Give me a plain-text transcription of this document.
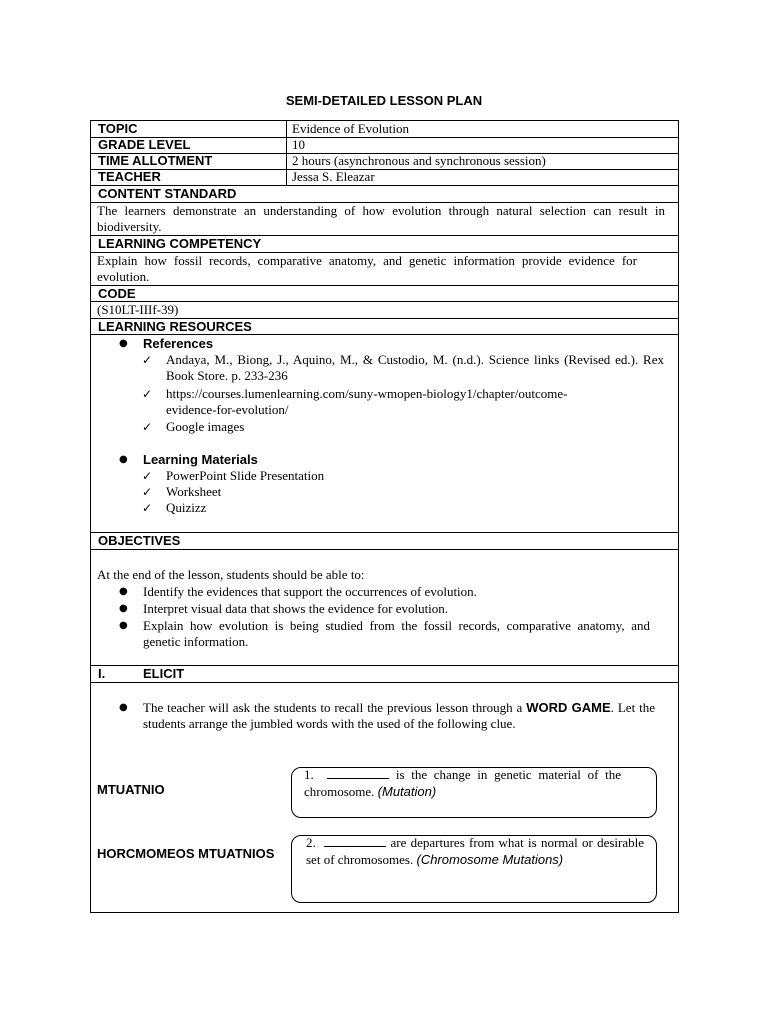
SEMI-DETAILED LESSON PLAN
TOPIC	Evidence of Evolution
GRADE LEVEL	10
TIME ALLOTMENT	2 hours (asynchronous and synchronous session)
TEACHER	Jessa S. Eleazar
CONTENT STANDARD
The learners demonstrate an understanding of how evolution through natural selection can result in biodiversity.
LEARNING COMPETENCY
Explain how fossil records, comparative anatomy, and genetic information provide evidence for evolution.
CODE
(S10LT-IIIf-39)
LEARNING RESOURCES
● References
✓ Andaya, M., Biong, J., Aquino, M., & Custodio, M. (n.d.). Science links (Revised ed.). Rex Book Store. p. 233-236
✓ https://courses.lumenlearning.com/suny-wmopen-biology1/chapter/outcome-evidence-for-evolution/
✓ Google images
● Learning Materials
✓ PowerPoint Slide Presentation
✓ Worksheet
✓ Quizizz
OBJECTIVES
At the end of the lesson, students should be able to:
● Identify the evidences that support the occurrences of evolution.
● Interpret visual data that shows the evidence for evolution.
● Explain how evolution is being studied from the fossil records, comparative anatomy, and genetic information.
I.	ELICIT
● The teacher will ask the students to recall the previous lesson through a WORD GAME. Let the students arrange the jumbled words with the used of the following clue.
MTUATNIO
1.	is the change in genetic material of the chromosome. (Mutation)
HORCMOMEOS MTUATNIOS
2.	are departures from what is normal or desirable set of chromosomes. (Chromosome Mutations)
